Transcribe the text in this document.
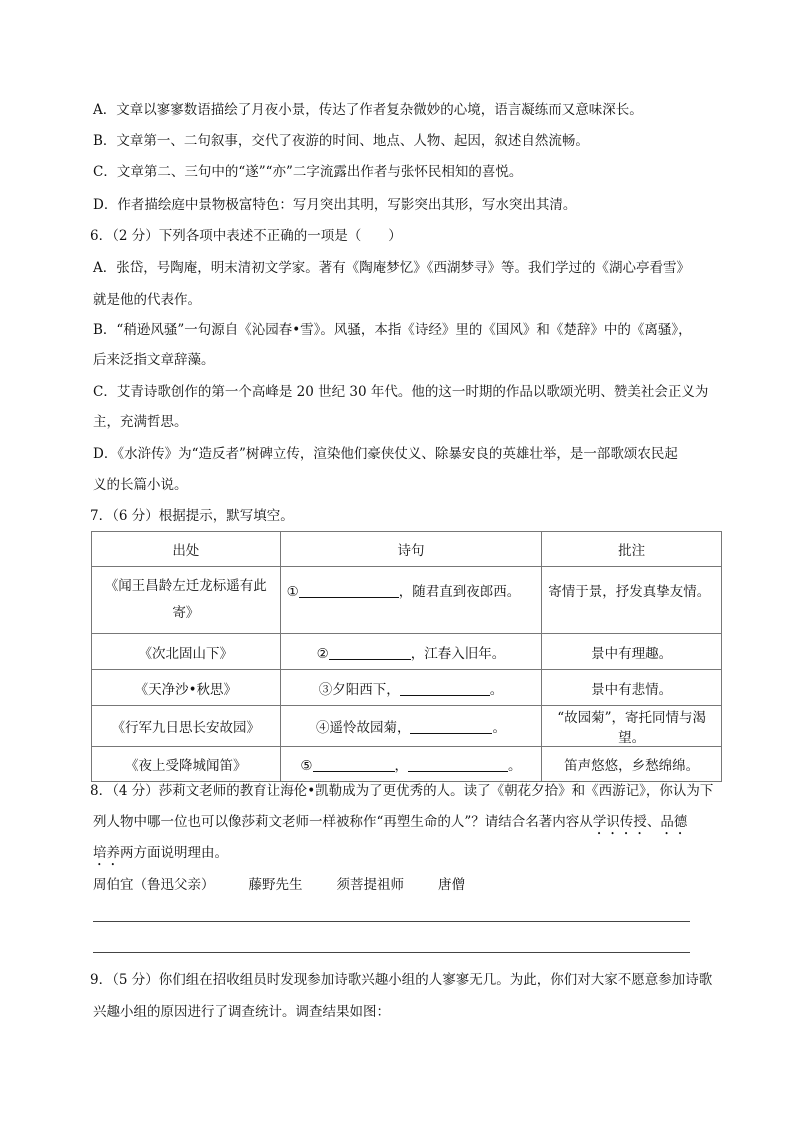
A．文章以寥寥数语描绘了月夜小景，传达了作者复杂微妙的心境，语言凝练而又意味深长。
B．文章第一、二句叙事，交代了夜游的时间、地点、人物、起因，叙述自然流畅。
C．文章第二、三句中的“遂”“亦”二字流露出作者与张怀民相知的喜悦。
D．作者描绘庭中景物极富特色：写月突出其明，写影突出其形，写水突出其清。
6．（2 分）下列各项中表述不正确的一项是（　　）
A．张岱，号陶庵，明末清初文学家。著有《陶庵梦忆》《西湖梦寻》等。我们学过的《湖心亭看雪》
就是他的代表作。
B．“稍逊风骚”一句源自《沁园春•雪》。风骚，本指《诗经》里的《国风》和《楚辞》中的《离骚》，
后来泛指文章辞藻。
C．艾青诗歌创作的第一个高峰是 20 世纪 30 年代。他的这一时期的作品以歌颂光明、赞美社会正义为
主，充满哲思。
D．《水浒传》为“造反者”树碑立传，渲染他们豪侠仗义、除暴安良的英雄壮举，是一部歌颂农民起
义的长篇小说。
7．（6 分）根据提示，默写填空。
出处	诗句	批注
《闻王昌龄左迁龙标遥有此
寄》	① ，随君直到夜郎西。	寄情于景，抒发真挚友情。
《次北固山下》	② ，江春入旧年。	景中有理趣。
《天净沙•秋思》	③夕阳西下， 。	景中有悲情。
《行军九日思长安故园》	④遥怜故园菊， 。	“故园菊”，寄托同情与渴望。
《夜上受降城闻笛》	⑤ ， 。	笛声悠悠，乡愁绵绵。
8．（4 分）莎莉文老师的教育让海伦•凯勒成为了更优秀的人。读了《朝花夕拾》和《西游记》，你认为下
列人物中哪一位也可以像莎莉文老师一样被称作“再塑生命的人”？请结合名著内容从学识传授、品德
培养两方面说明理由。
周伯宜（鲁迅父亲）	藤野先生	须菩提祖师	唐僧
9．（5 分）你们组在招收组员时发现参加诗歌兴趣小组的人寥寥无几。为此，你们对大家不愿意参加诗歌
兴趣小组的原因进行了调查统计。调查结果如图：
